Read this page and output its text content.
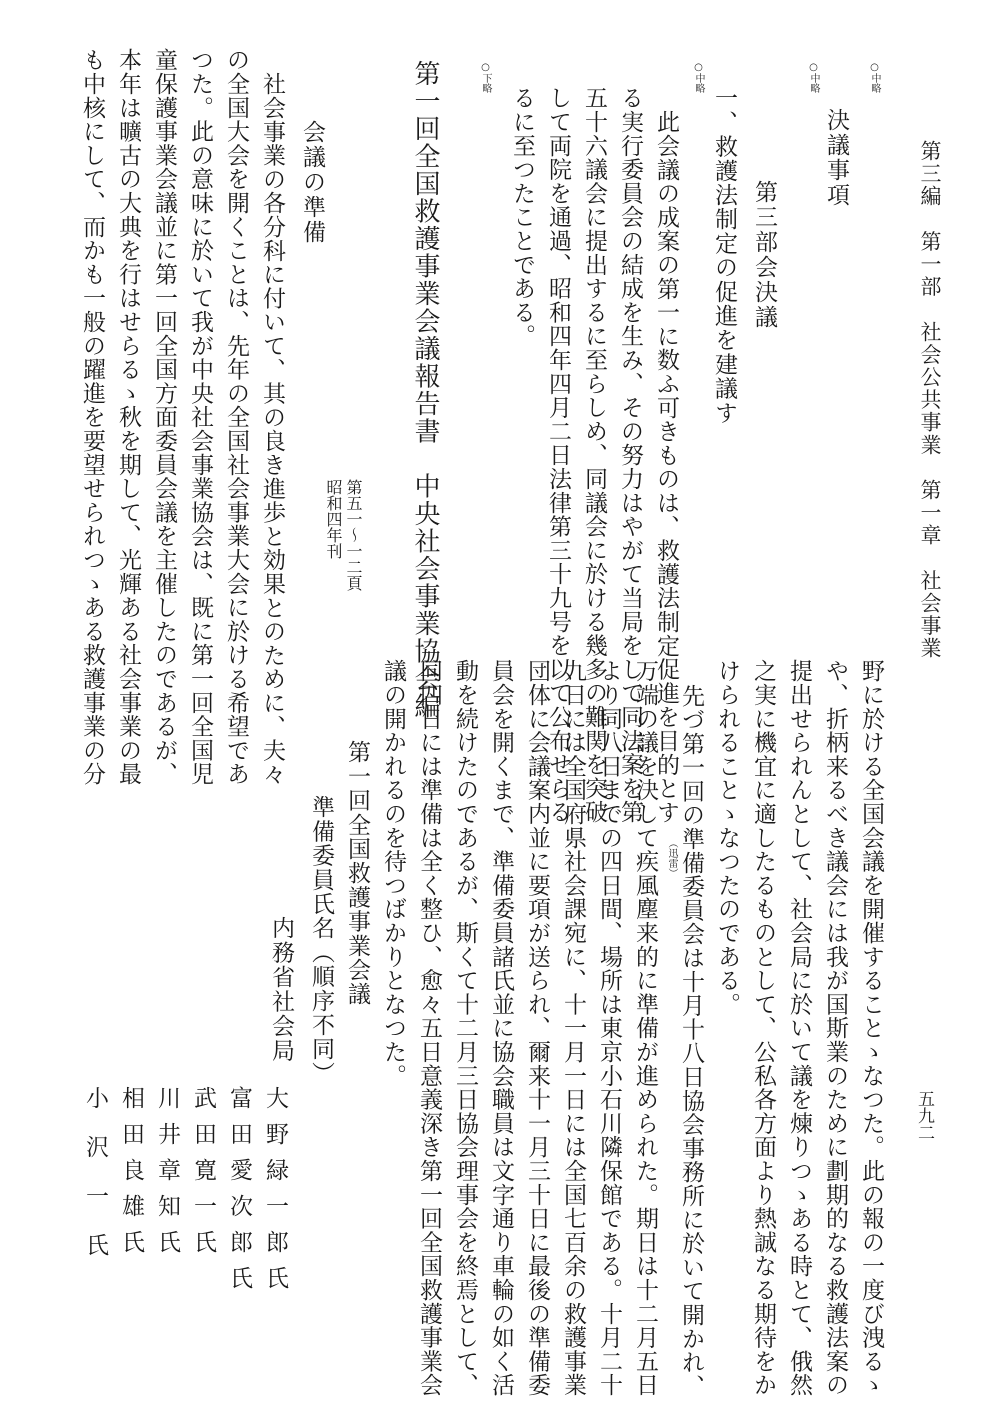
第三編　第一部　社会公共事業　第一章　社会事業

五九二

○ 中略

決議事項

○ 中略

第三部会決議

一、救護法制定の促進を建議す

○ 中略

此会議の成案の第一に数ふ可きものは、救護法制定促進を目的とす

る実行委員会の結成を生み、その努力はやがて当局をして同法案を第

五十六議会に提出するに至らしめ、同議会に於ける幾多の難関を突破

して両院を通過、昭和四年四月二日法律第三十九号を以て公布せらる

るに至つたことである。

○ 下略

第一回全国救護事業会議報告書　中央社会事業協会編

第五一〜一二頁

昭和四年刊

会議の準備

社会事業の各分科に付いて、其の良き進歩と効果とのために、夫々

の全国大会を開くことは、先年の全国社会事業大会に於ける希望であ

つた。此の意味に於いて我が中央社会事業協会は、既に第一回全国児

童保護事業会議並に第一回全国方面委員会議を主催したのであるが、

本年は曠古の大典を行はせらるゝ秋を期して、光輝ある社会事業の最

も中核にして、而かも一般の躍進を要望せられつゝある救護事業の分

野に於ける全国会議を開催することゝなつた。此の報の一度び洩るゝ

や、折柄来るべき議会には我が国斯業のために劃期的なる救護法案の

提出せられんとして、社会局に於いて議を煉りつゝある時とて、俄然

之実に機宜に適したるものとして、公私各方面より熱誠なる期待をか

けられることゝなつたのである。

先づ第一回の準備委員会は十月十八日協会事務所に於いて開かれ、

（迅雷）

万端の議を決して疾風塵来的に準備が進められた。期日は十二月五日

より同八日までの四日間、場所は東京小石川隣保館である。十月二十

九日には全国府県社会課宛に、十一月一日には全国七百余の救護事業

団体に会議案内並に要項が送られ、爾来十一月三十日に最後の準備委

員会を開くまで、準備委員諸氏並に協会職員は文字通り車輪の如く活

動を続けたのであるが、斯くて十二月三日協会理事会を終焉として、

同四日には準備は全く整ひ、愈々五日意義深き第一回全国救護事業会

議の開かれるのを待つばかりとなつた。

第一回全国救護事業会議

準備委員氏名（順序不同）

内務省社会局

大野緑一郎氏

富田愛次郎氏

武田寛一氏

川井章知氏

相田良雄氏

小沢一氏
